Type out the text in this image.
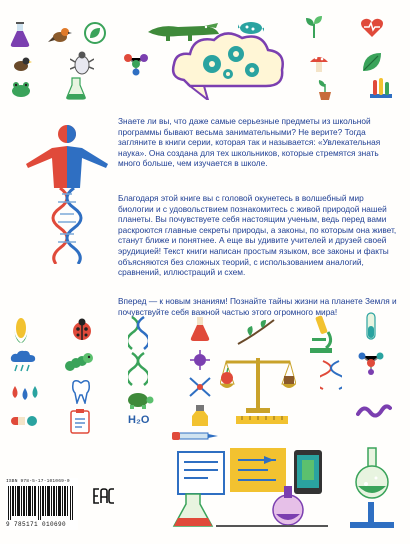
Знаете ли вы, что даже самые серьезные предметы из школьной программы бывают весьма занимательными? Не верите? Тогда загляните в книги серии, которая так и называется: «Увлекательная наука». Она создана для тех школьников, которые стремятся знать много больше, чем изучается в школе.

Благодаря этой книге вы с головой окунетесь в волшебный мир биологии и с удовольствием познакомитесь с живой природой нашей планеты. Вы почувствуете себя настоящим ученым, ведь перед вами раскроются главные секреты природы, а законы, по которым она живет, станут ближе и понятнее. А еще вы удивите учителей и друзей своей эрудицией! Текст книги написан простым языком, все законы и факты объясняются без сложных теорий, с использованием аналогий, сравнений, иллюстраций и схем.

Вперед — к новым знаниям! Познайте тайны жизни на планете Земля и почувствуйте себя важной частью этого огромного мира!

H₂O
ISBN 978-5-17-101069-0
9 785171 010690
